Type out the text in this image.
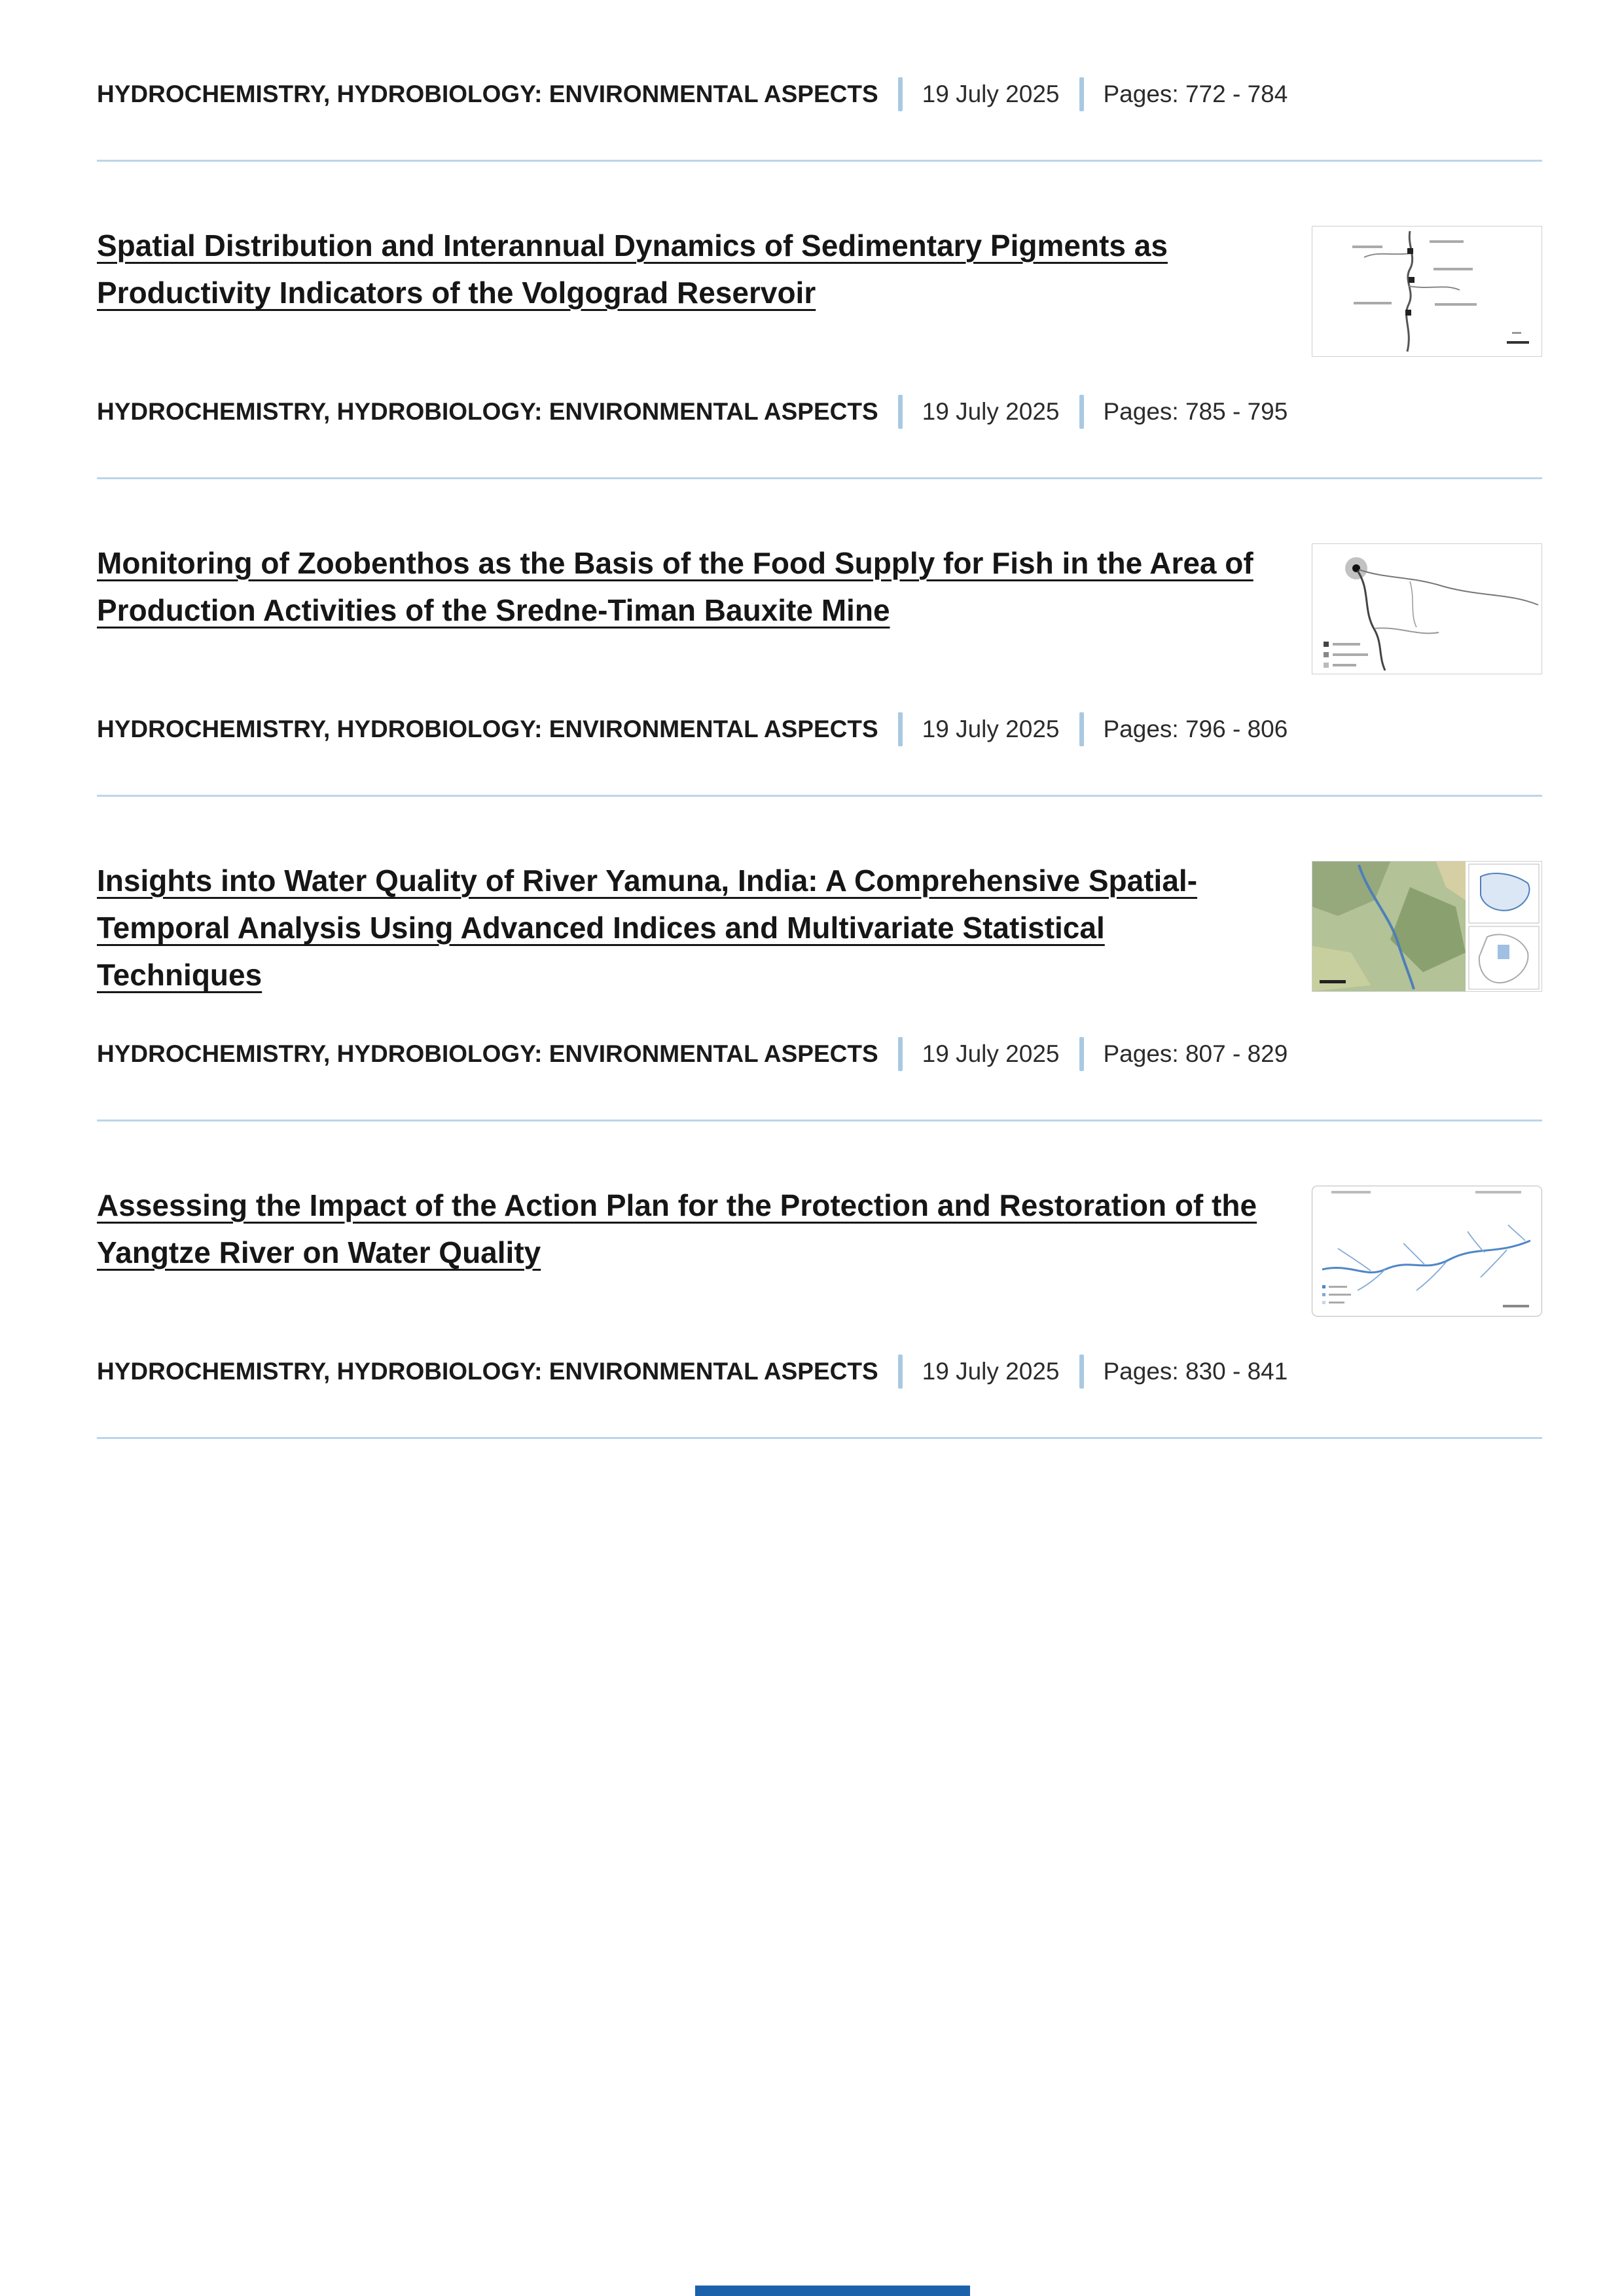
HYDROCHEMISTRY, HYDROBIOLOGY: ENVIRONMENTAL ASPECTS 19 July 2025 Pages: 772 - 784
Spatial Distribution and Interannual Dynamics of Sedimentary Pigments as Productivity Indicators of the Volgograd Reservoir
HYDROCHEMISTRY, HYDROBIOLOGY: ENVIRONMENTAL ASPECTS 19 July 2025 Pages: 785 - 795
Monitoring of Zoobenthos as the Basis of the Food Supply for Fish in the Area of Production Activities of the Sredne-Timan Bauxite Mine
HYDROCHEMISTRY, HYDROBIOLOGY: ENVIRONMENTAL ASPECTS 19 July 2025 Pages: 796 - 806
Insights into Water Quality of River Yamuna, India: A Comprehensive Spatial-Temporal Analysis Using Advanced Indices and Multivariate Statistical Techniques
HYDROCHEMISTRY, HYDROBIOLOGY: ENVIRONMENTAL ASPECTS 19 July 2025 Pages: 807 - 829
Assessing the Impact of the Action Plan for the Protection and Restoration of the Yangtze River on Water Quality
HYDROCHEMISTRY, HYDROBIOLOGY: ENVIRONMENTAL ASPECTS 19 July 2025 Pages: 830 - 841
